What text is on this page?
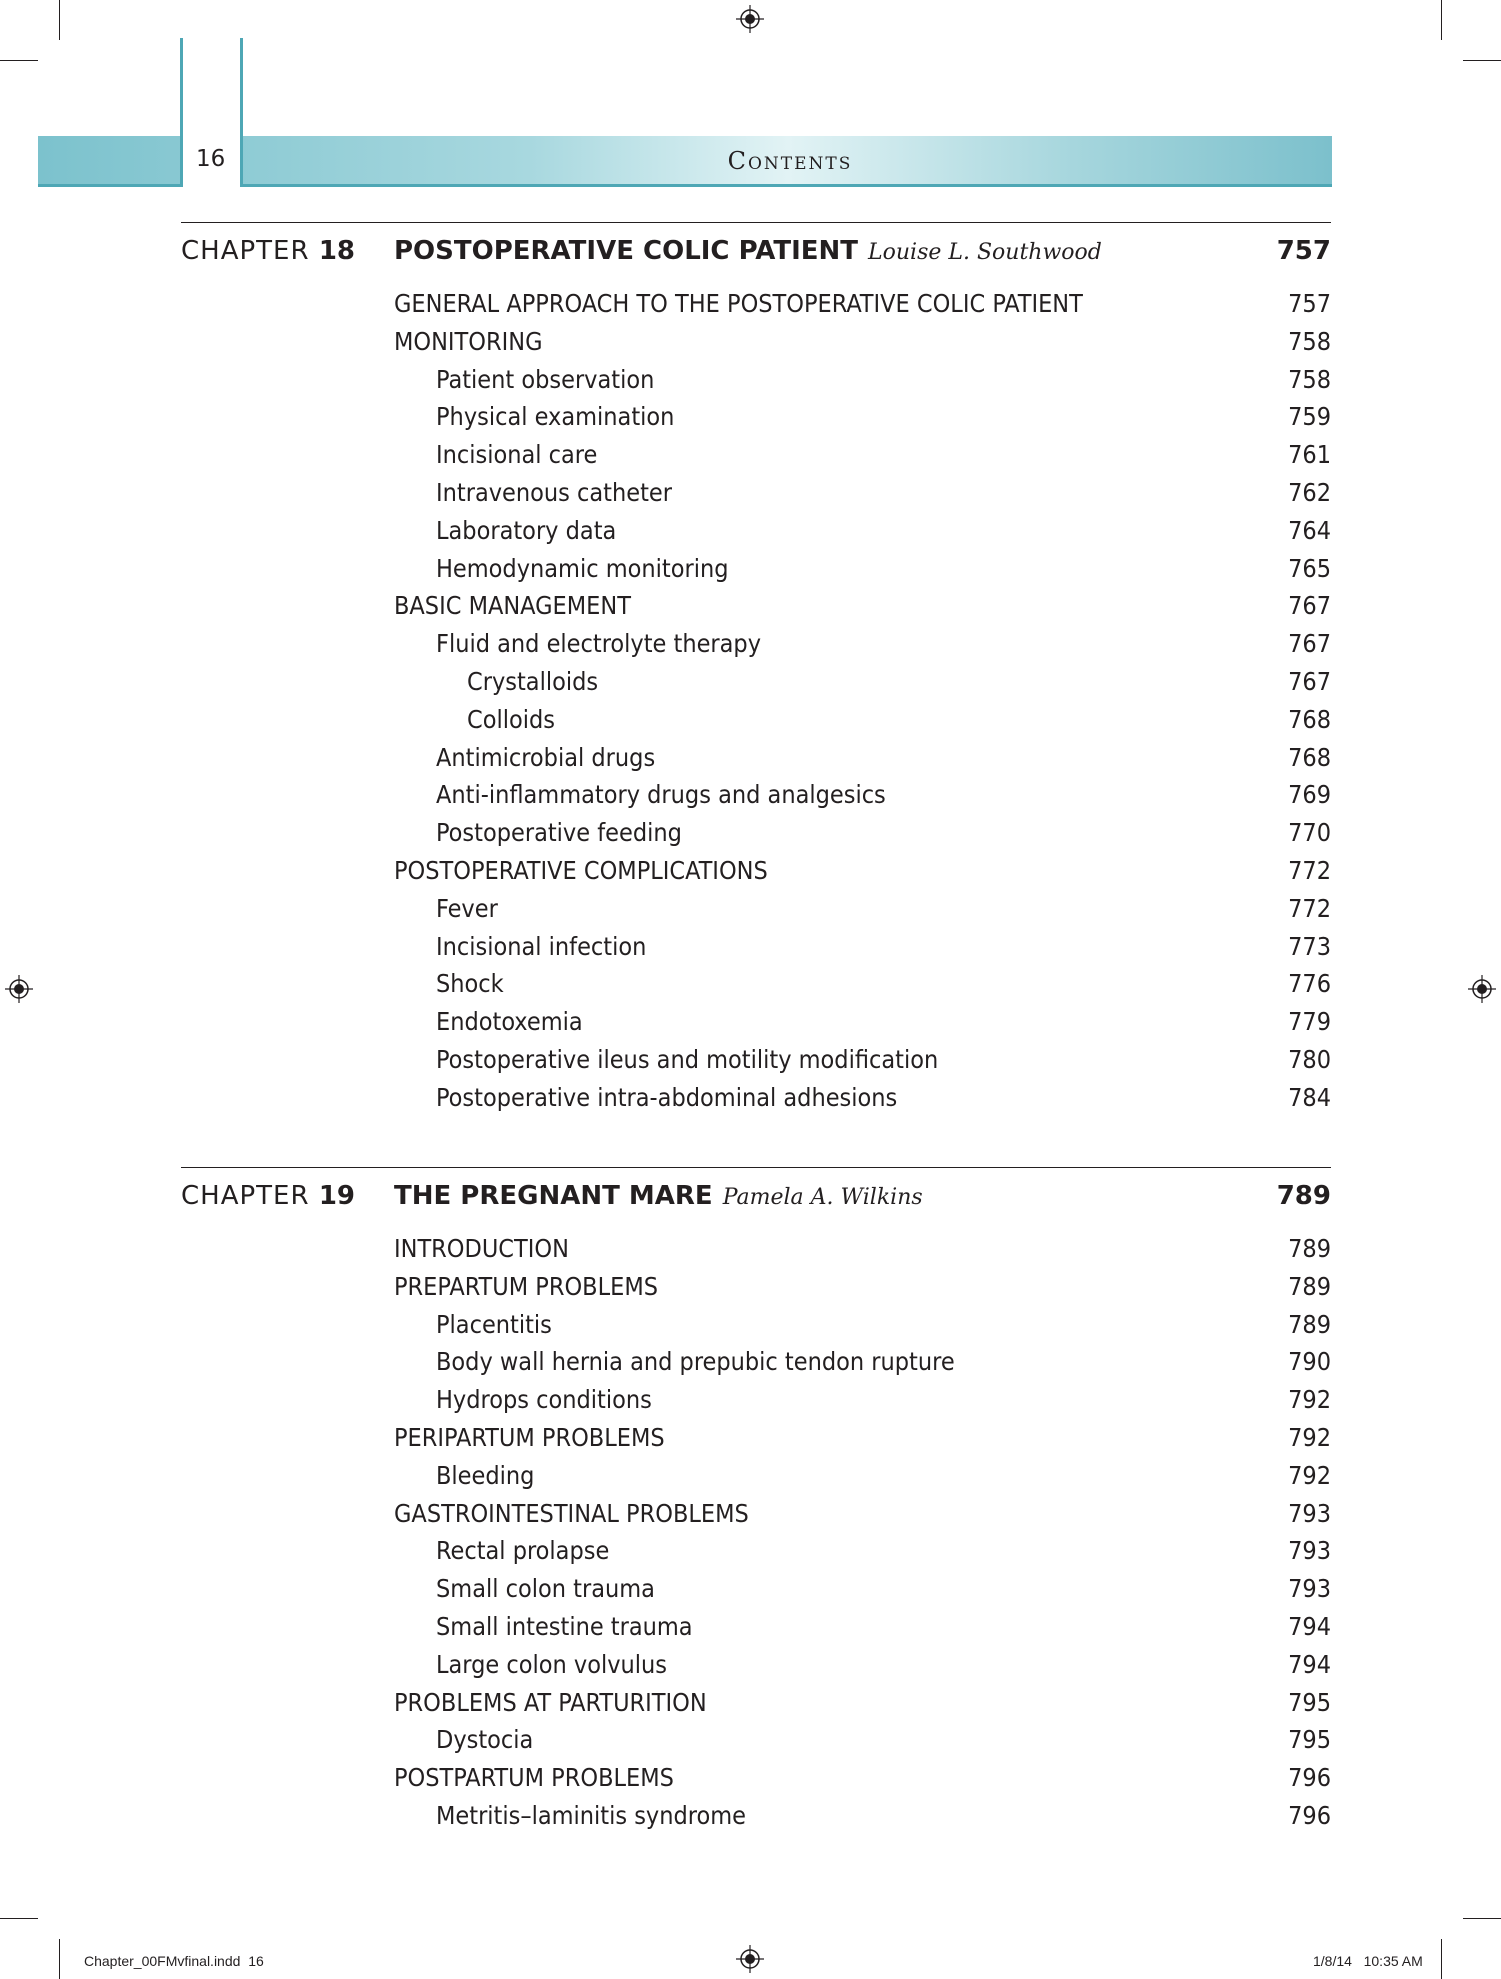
16	Contents
CHAPTER 18 POSTOPERATIVE COLIC PATIENT Louise L. Southwood	757
GENERAL APPROACH TO THE POSTOPERATIVE COLIC PATIENT	757
MONITORING	758
Patient observation	758
Physical examination	759
Incisional care	761
Intravenous catheter	762
Laboratory data	764
Hemodynamic monitoring	765
BASIC MANAGEMENT	767
Fluid and electrolyte therapy	767
Crystalloids	767
Colloids	768
Antimicrobial drugs	768
Anti-inflammatory drugs and analgesics	769
Postoperative feeding	770
POSTOPERATIVE COMPLICATIONS	772
Fever	772
Incisional infection	773
Shock	776
Endotoxemia	779
Postoperative ileus and motility modification	780
Postoperative intra-abdominal adhesions	784
CHAPTER 19 THE PREGNANT MARE Pamela A. Wilkins	789
INTRODUCTION	789
PREPARTUM PROBLEMS	789
Placentitis	789
Body wall hernia and prepubic tendon rupture	790
Hydrops conditions	792
PERIPARTUM PROBLEMS	792
Bleeding	792
GASTROINTESTINAL PROBLEMS	793
Rectal prolapse	793
Small colon trauma	793
Small intestine trauma	794
Large colon volvulus	794
PROBLEMS AT PARTURITION	795
Dystocia	795
POSTPARTUM PROBLEMS	796
Metritis–laminitis syndrome	796
Chapter_00FMvfinal.indd 16	1/8/14 10:35 AM
